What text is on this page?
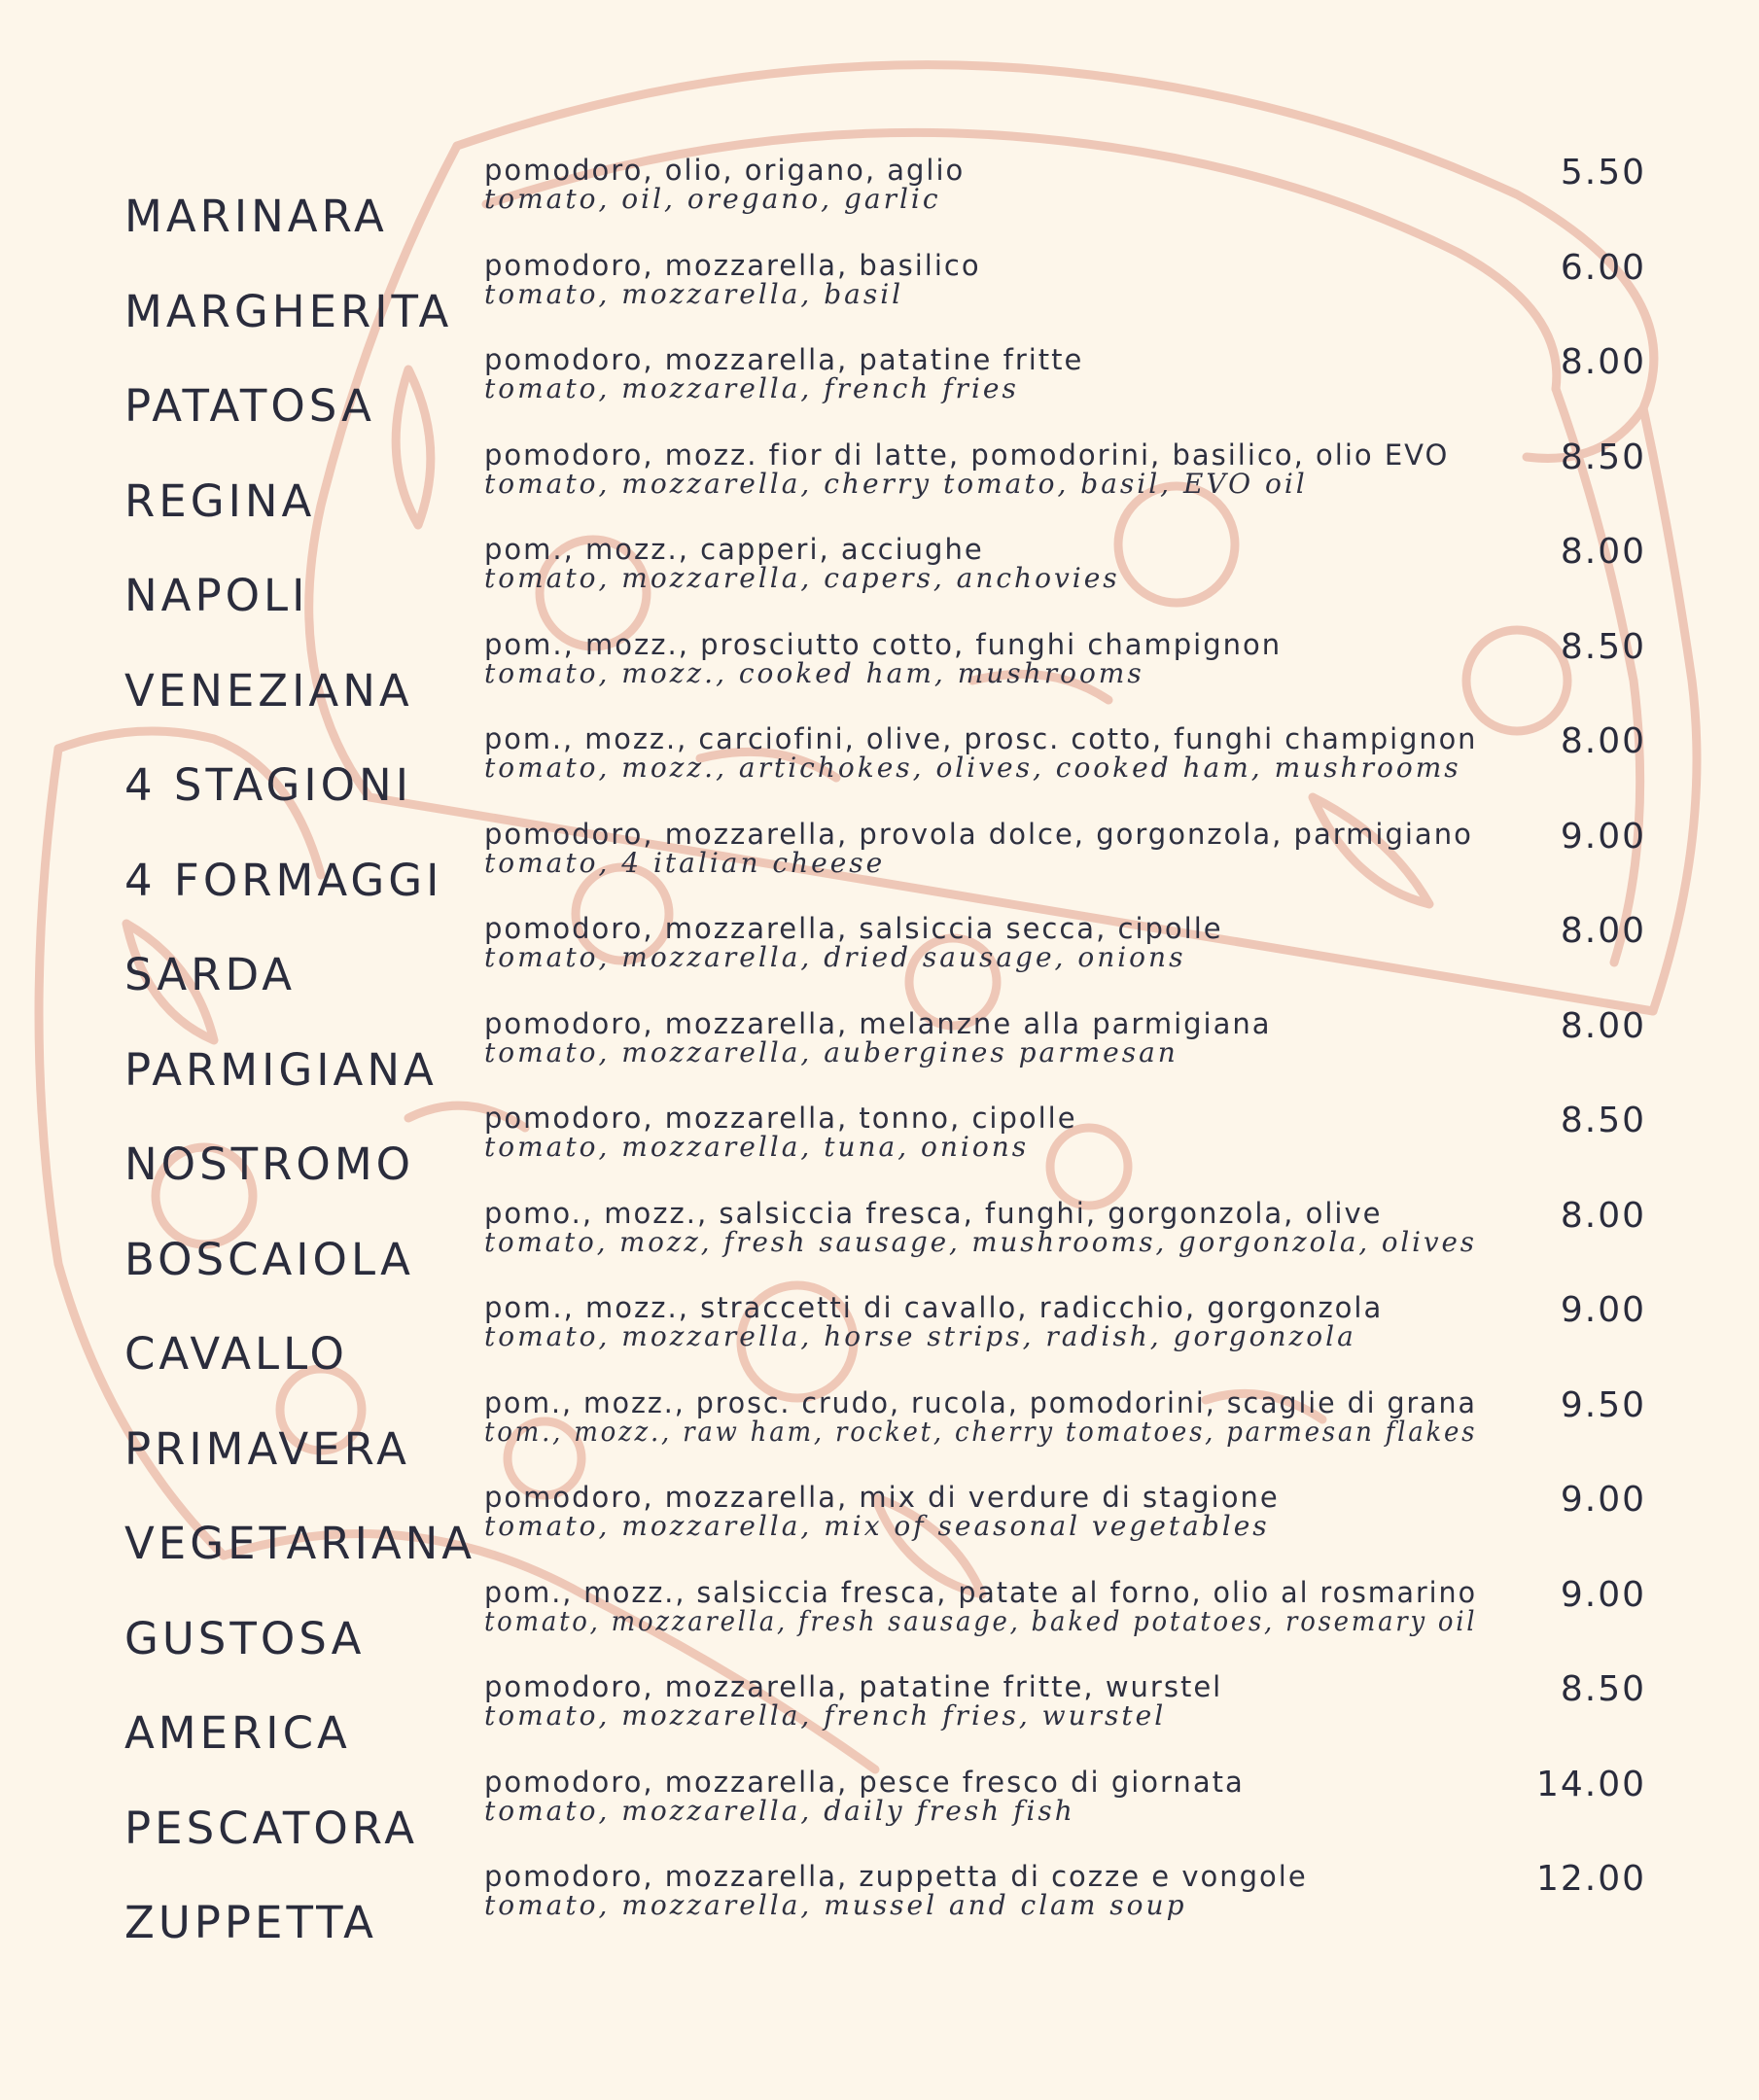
MARINARA
pomodoro, olio, origano, aglio
tomato, oil, oregano, garlic
5.50
MARGHERITA
pomodoro, mozzarella, basilico
tomato, mozzarella, basil
6.00
PATATOSA
pomodoro, mozzarella, patatine fritte
tomato, mozzarella, french fries
8.00
REGINA
pomodoro, mozz. fior di latte, pomodorini, basilico, olio EVO
tomato, mozzarella, cherry tomato, basil, EVO oil
8.50
NAPOLI
pom., mozz., capperi, acciughe
tomato, mozzarella, capers, anchovies
8.00
VENEZIANA
pom., mozz., prosciutto cotto, funghi champignon
tomato, mozz., cooked ham, mushrooms
8.50
4 STAGIONI
pom., mozz., carciofini, olive, prosc. cotto, funghi champignon
tomato, mozz., artichokes, olives, cooked ham, mushrooms
8.00
4 FORMAGGI
pomodoro, mozzarella, provola dolce, gorgonzola, parmigiano
tomato, 4 italian cheese
9.00
SARDA
pomodoro, mozzarella, salsiccia secca, cipolle
tomato, mozzarella, dried sausage, onions
8.00
PARMIGIANA
pomodoro, mozzarella, melanzne alla parmigiana
tomato, mozzarella, aubergines parmesan
8.00
NOSTROMO
pomodoro, mozzarella, tonno, cipolle
tomato, mozzarella, tuna, onions
8.50
BOSCAIOLA
pomo., mozz., salsiccia fresca, funghi, gorgonzola, olive
tomato, mozz, fresh sausage, mushrooms, gorgonzola, olives
8.00
CAVALLO
pom., mozz., straccetti di cavallo, radicchio, gorgonzola
tomato, mozzarella, horse strips, radish, gorgonzola
9.00
PRIMAVERA
pom., mozz., prosc. crudo, rucola, pomodorini, scaglie di grana
tom., mozz., raw ham, rocket, cherry tomatoes, parmesan flakes
9.50
VEGETARIANA
pomodoro, mozzarella, mix di verdure di stagione
tomato, mozzarella, mix of seasonal vegetables
9.00
GUSTOSA
pom., mozz., salsiccia fresca, patate al forno, olio al rosmarino
tomato, mozzarella, fresh sausage, baked potatoes, rosemary oil
9.00
AMERICA
pomodoro, mozzarella, patatine fritte, wurstel
tomato, mozzarella, french fries, wurstel
8.50
PESCATORA
pomodoro, mozzarella, pesce fresco di giornata
tomato, mozzarella, daily fresh fish
14.00
ZUPPETTA
pomodoro, mozzarella, zuppetta di cozze e vongole
tomato, mozzarella, mussel and clam soup
12.00
